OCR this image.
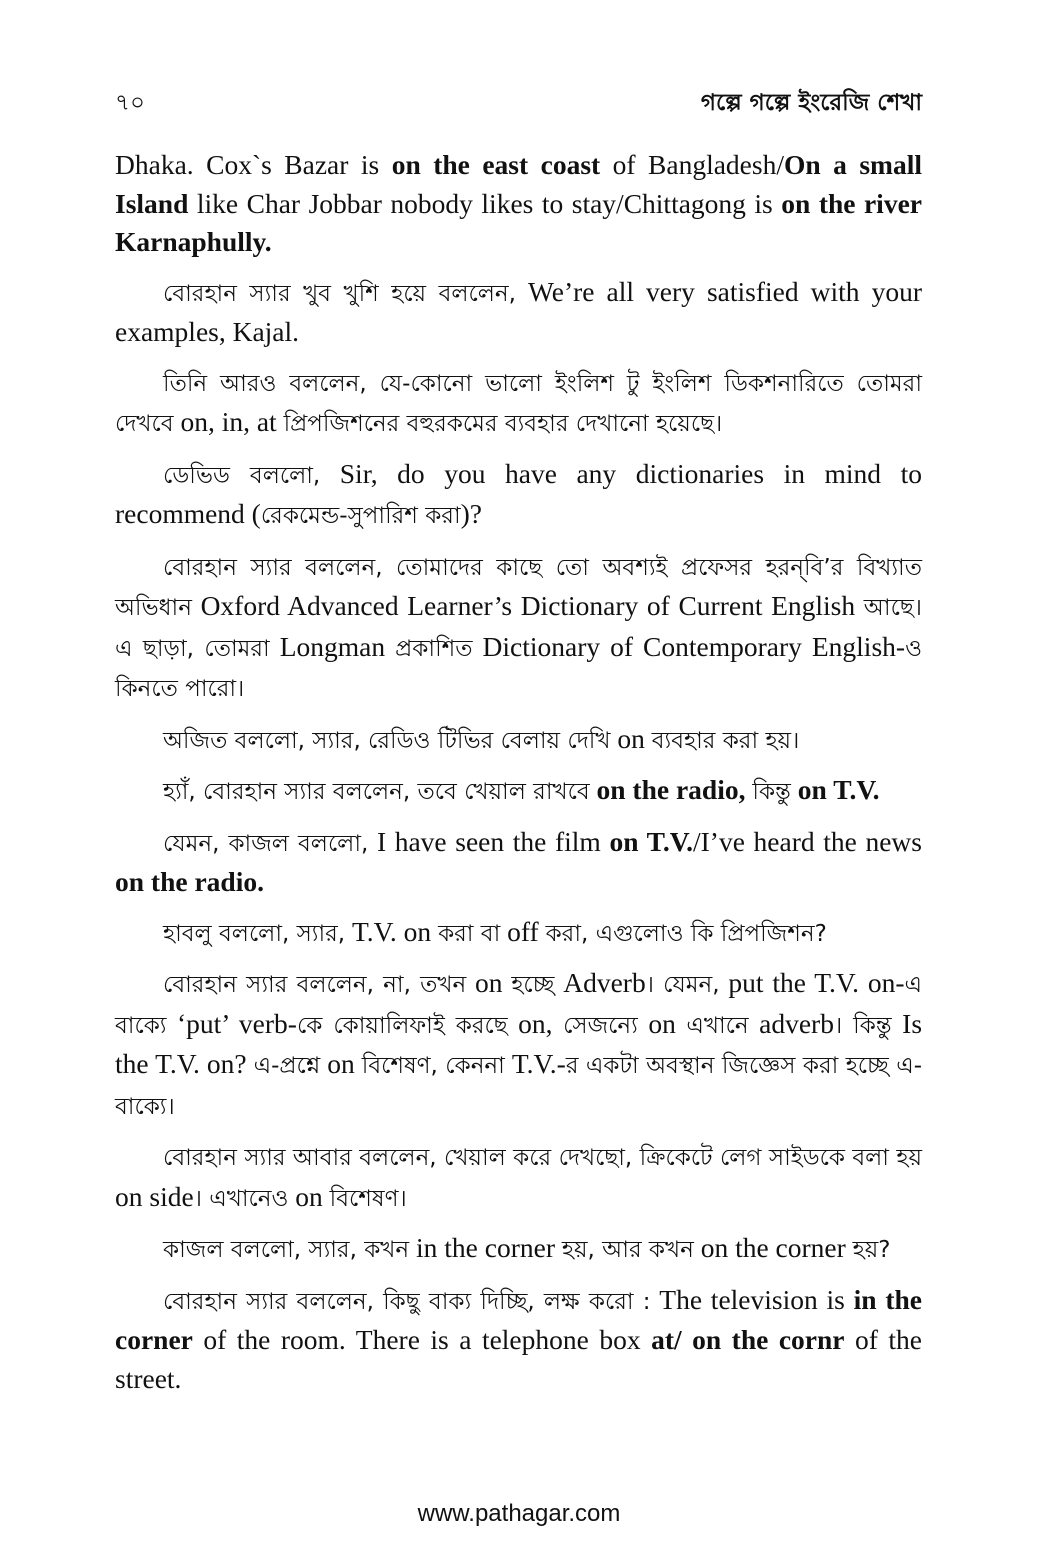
৭০	গল্পে গল্পে ইংরেজি শেখা

Dhaka. Cox`s Bazar is on the east coast of Bangladesh/On a small Island like Char Jobbar nobody likes to stay/Chittagong is on the river Karnaphully.

বোরহান স্যার খুব খুশি হয়ে বললেন, We’re all very satisfied with your examples, Kajal.

তিনি আরও বললেন, যে-কোনো ভালো ইংলিশ টু ইংলিশ ডিকশনারিতে তোমরা দেখবে on, in, at প্রিপজিশনের বহুরকমের ব্যবহার দেখানো হয়েছে।

ডেভিড বললো, Sir, do you have any dictionaries in mind to recommend (রেকমেন্ড-সুপারিশ করা)?

বোরহান স্যার বললেন, তোমাদের কাছে তো অবশ্যই প্রফেসর হরন্‌বি’র বিখ্যাত অভিধান Oxford Advanced Learner’s Dictionary of Current English আছে। এ ছাড়া, তোমরা Longman প্রকাশিত Dictionary of Contemporary English-ও কিনতে পারো।

অজিত বললো, স্যার, রেডিও টিভির বেলায় দেখি on ব্যবহার করা হয়।

হ্যাঁ, বোরহান স্যার বললেন, তবে খেয়াল রাখবে on the radio, কিন্তু on T.V.

যেমন, কাজল বললো, I have seen the film on T.V./I’ve heard the news on the radio.

হাবলু বললো, স্যার, T.V. on করা বা off করা, এগুলোও কি প্রিপজিশন?

বোরহান স্যার বললেন, না, তখন on হচ্ছে Adverb। যেমন, put the T.V. on-এ বাক্যে ‘put’ verb-কে কোয়ালিফাই করছে on, সেজন্যে on এখানে adverb। কিন্তু Is the T.V. on? এ-প্রশ্নে on বিশেষণ, কেননা T.V.-র একটা অবস্থান জিজ্ঞেস করা হচ্ছে এ-বাক্যে।

বোরহান স্যার আবার বললেন, খেয়াল করে দেখছো, ক্রিকেটে লেগ সাইডকে বলা হয় on side। এখানেও on বিশেষণ।

কাজল বললো, স্যার, কখন in the corner হয়, আর কখন on the corner হয়?

বোরহান স্যার বললেন, কিছু বাক্য দিচ্ছি, লক্ষ করো : The television is in the corner of the room. There is a telephone box at/ on the cornr of the street.

www.pathagar.com
